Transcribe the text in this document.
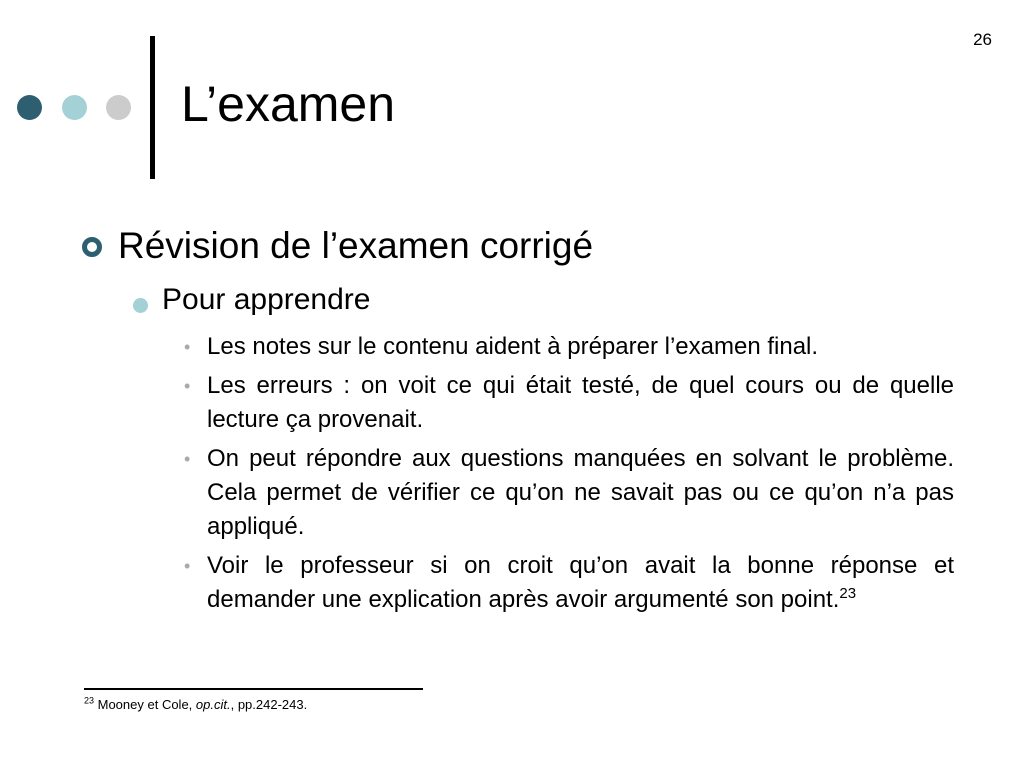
26
L’examen
Révision de l’examen corrigé
Pour apprendre
• Les notes sur le contenu aident à préparer l’examen final.
• Les erreurs : on voit ce qui était testé, de quel cours ou de quelle lecture ça provenait.
• On peut répondre aux questions manquées en solvant le problème. Cela permet de vérifier ce qu’on ne savait pas ou ce qu’on n’a pas appliqué.
• Voir le professeur si on croit qu’on avait la bonne réponse et demander une explication après avoir argumenté son point.$^{23}$
$^{23}$ Mooney et Cole, op.cit., pp.242-243.
